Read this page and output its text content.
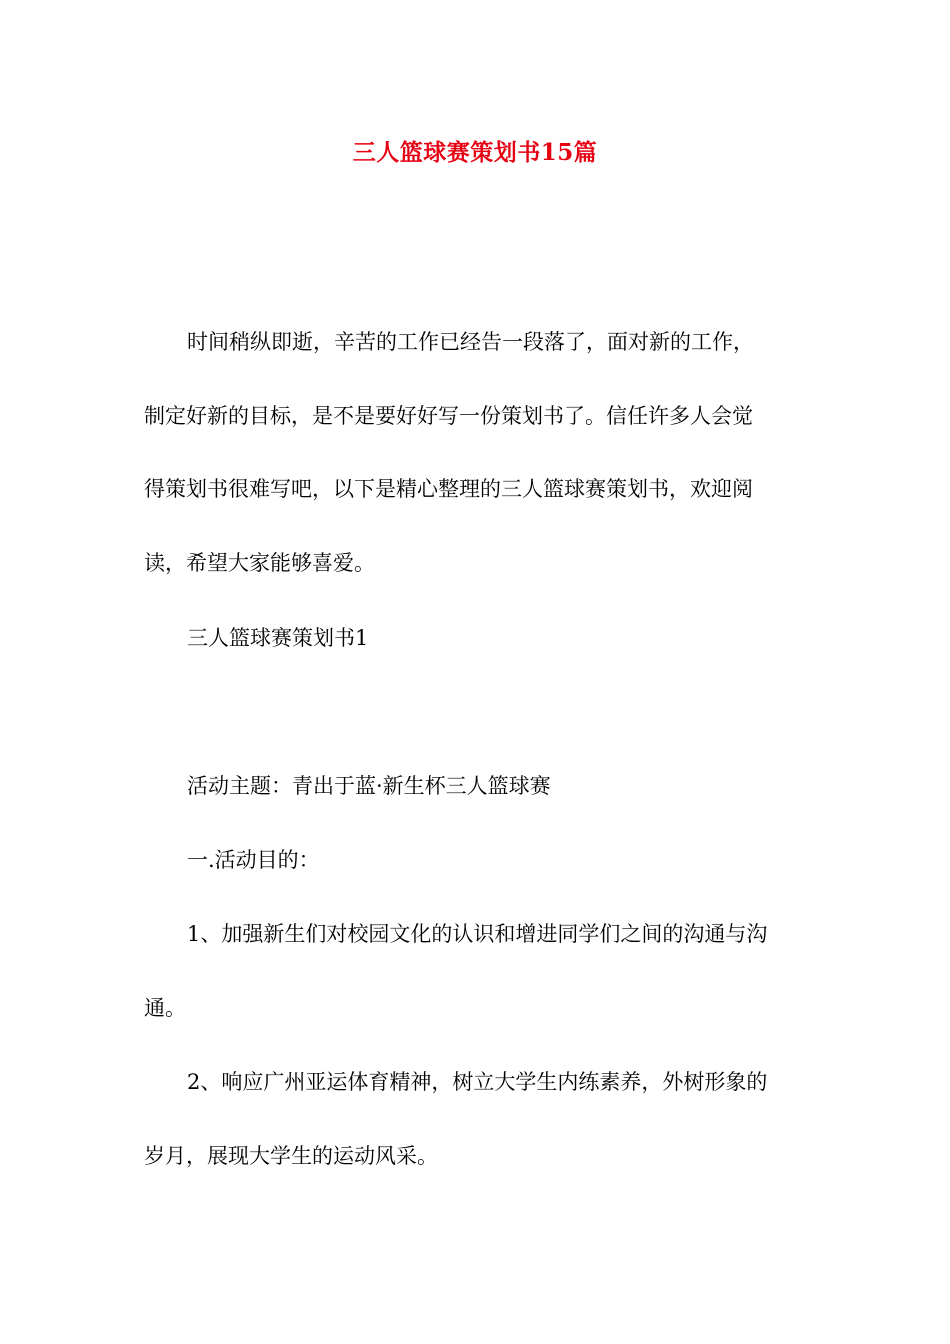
三人篮球赛策划书15篇
时间稍纵即逝，辛苦的工作已经告一段落了，面对新的工作，
制定好新的目标，是不是要好好写一份策划书了。信任许多人会觉
得策划书很难写吧，以下是精心整理的三人篮球赛策划书，欢迎阅
读，希望大家能够喜爱。
三人篮球赛策划书1
活动主题：青出于蓝·新生杯三人篮球赛
一.活动目的：
1、加强新生们对校园文化的认识和增进同学们之间的沟通与沟
通。
2、响应广州亚运体育精神，树立大学生内练素养，外树形象的
岁月，展现大学生的运动风采。
